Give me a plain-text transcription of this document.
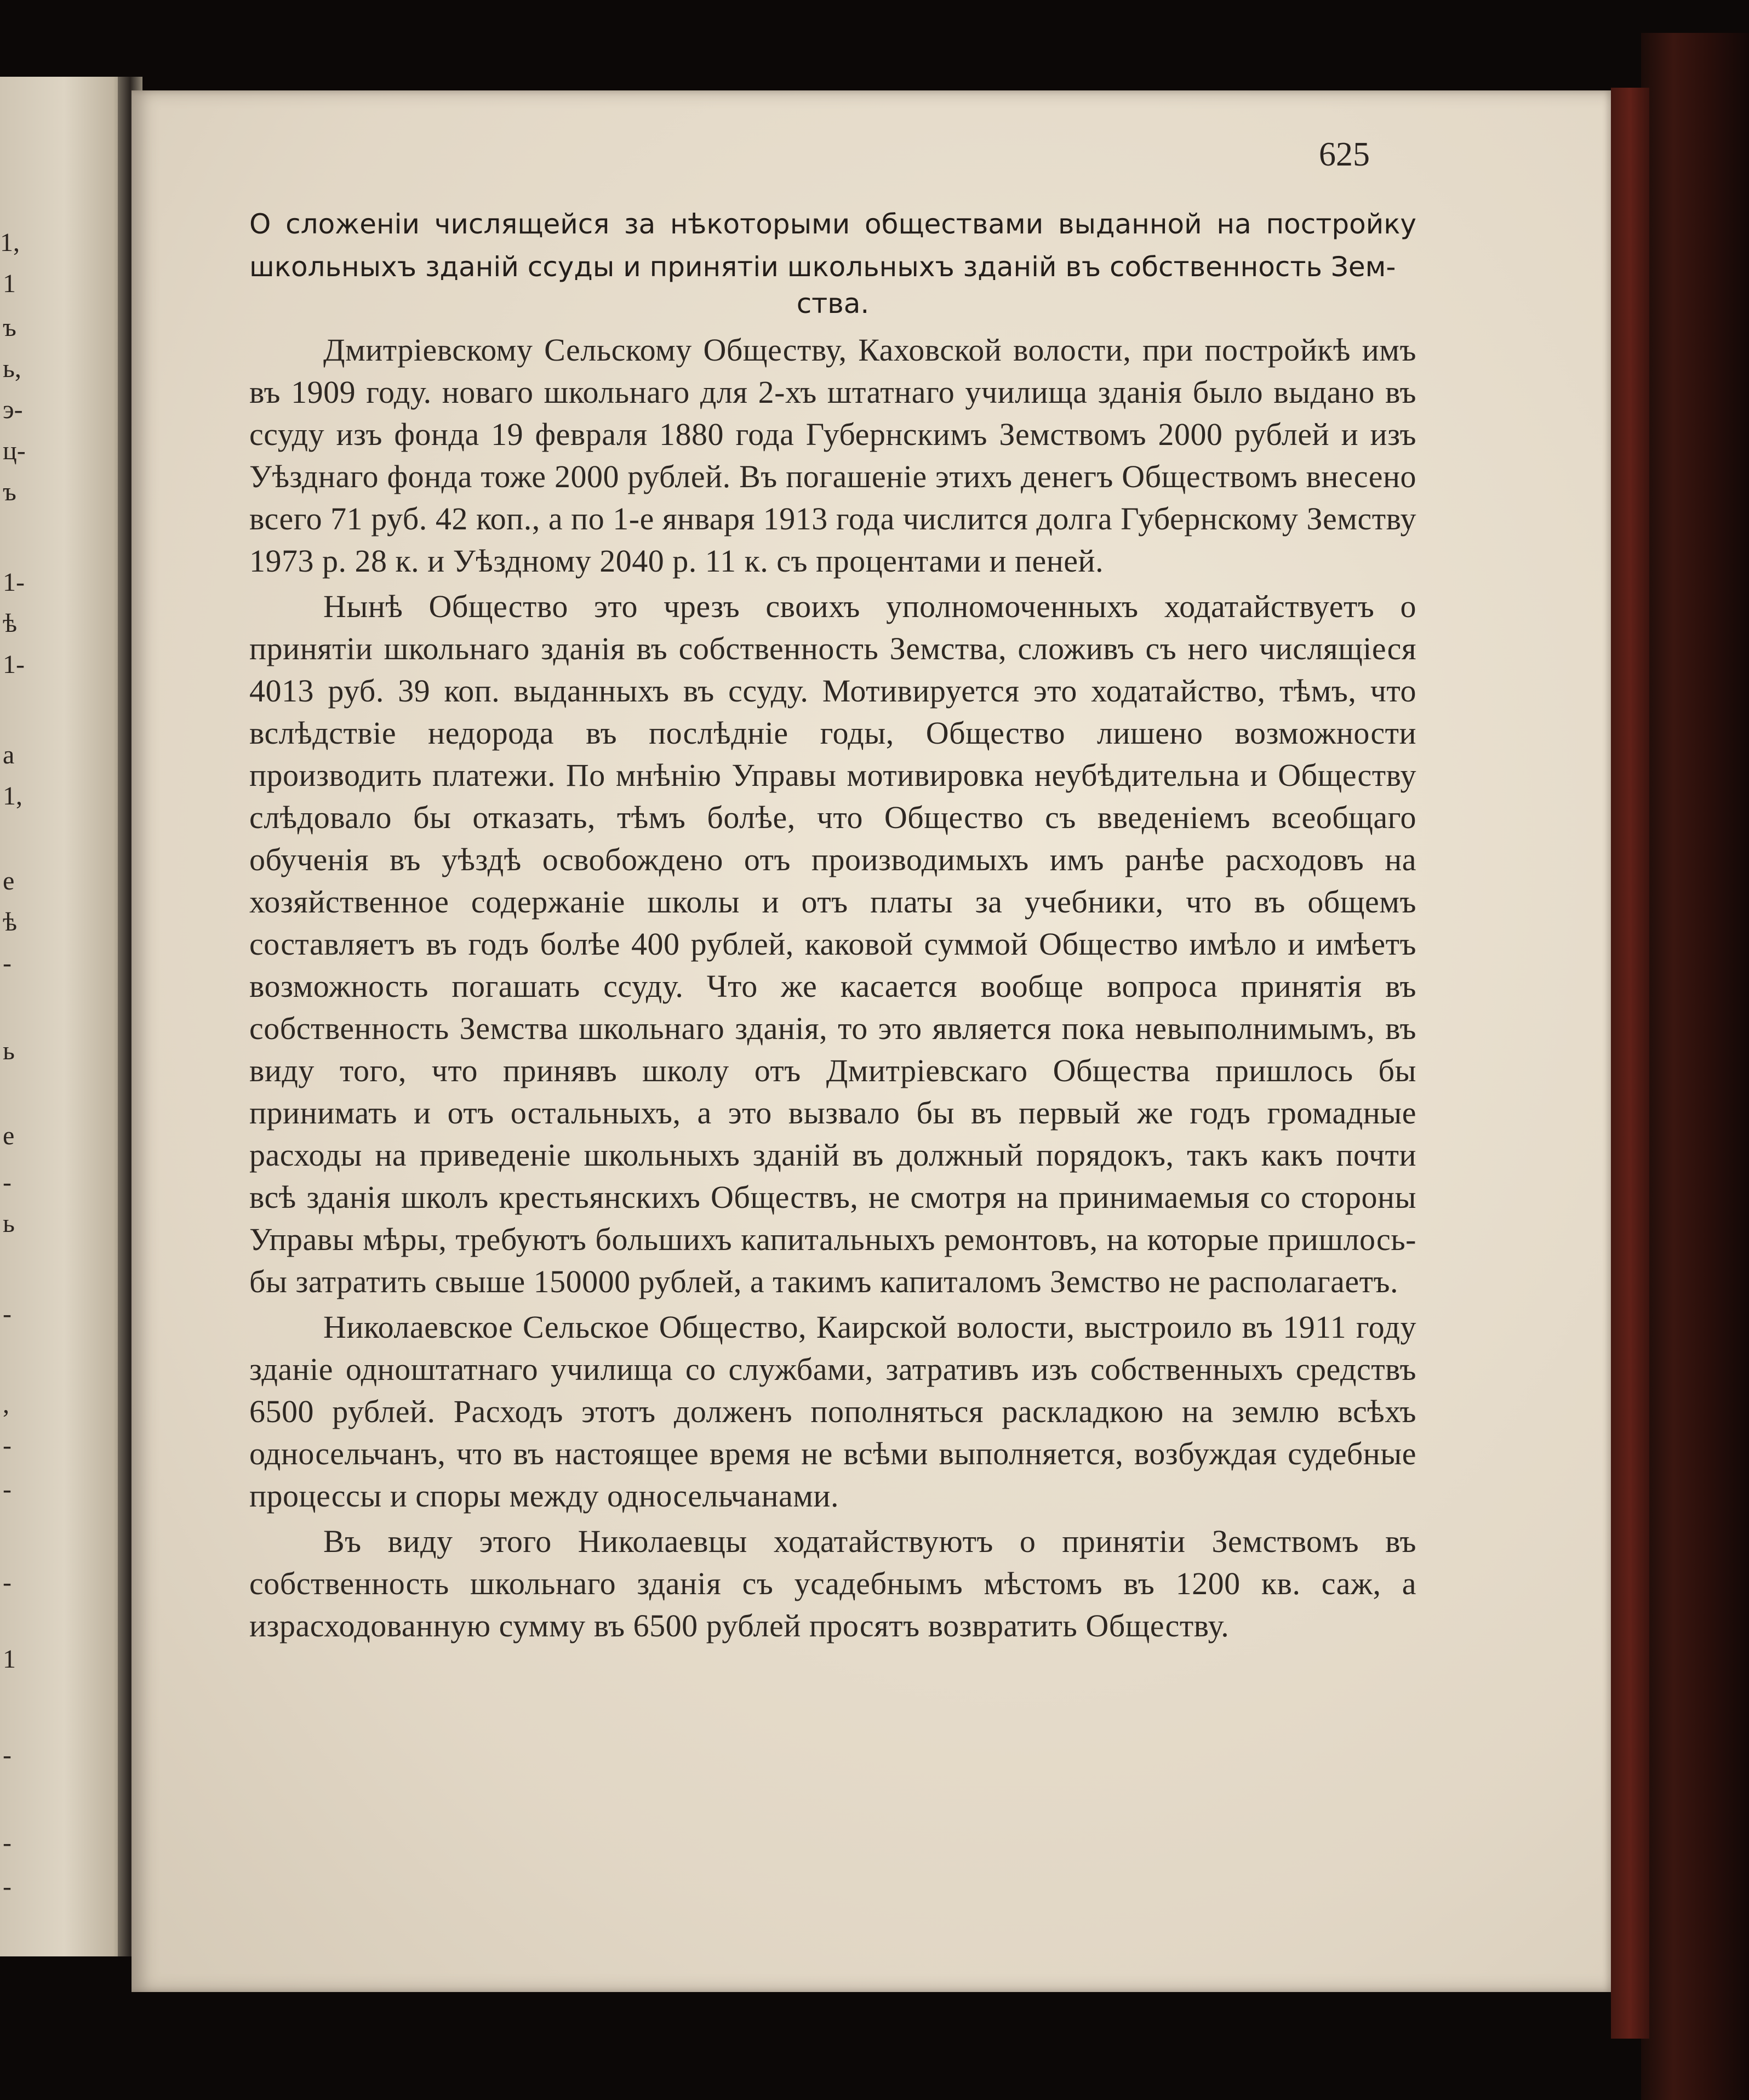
1,
1
ъ
ь,
э-
ц-
ъ
1-
ѣ
1-
а
1,
е
ѣ
-
ь
е
-
ь
-
,
-
-
-
1
-
-
-
625
О сложенiи числящейся за нѣкоторыми обществами выданной на постройку школьныхъ зданiй ссуды и принятiи школьныхъ зданiй въ собственность Зем-
ства.

Дмитрiевскому Сельскому Обществу, Каховской волости, при постройкѣ имъ въ 1909 году. новаго школьнаго для 2-хъ штатнаго училища зданiя было выдано въ ссуду изъ фонда 19 февраля 1880 года Губернскимъ Земствомъ 2000 рублей и изъ Уѣзднаго фонда тоже 2000 рублей. Въ погашенiе этихъ денегъ Обществомъ внесено всего 71 руб. 42 коп., а по 1-е января 1913 года числится долга Губернскому Земству 1973 р. 28 к. и Уѣздному 2040 р. 11 к. съ процентами и пеней.

Нынѣ Общество это чрезъ своихъ уполномоченныхъ ходатайствуетъ о принятiи школьнаго зданiя въ собственность Земства, сложивъ съ него числящiеся 4013 руб. 39 коп. выданныхъ въ ссуду. Мотивируется это ходатайство, тѣмъ, что вслѣдствiе недорода въ послѣднiе годы, Общество лишено возможности производить платежи. По мнѣнiю Управы мотивировка неубѣдительна и Обществу слѣдовало бы отказать, тѣмъ болѣе, что Общество съ введенiемъ всеобщаго обученiя въ уѣздѣ освобождено отъ производимыхъ имъ ранѣе расходовъ на хозяйственное содержанiе школы и отъ платы за учебники, что въ общемъ составляетъ въ годъ болѣе 400 рублей, каковой суммой Общество имѣло и имѣетъ возможность погашать ссуду. Что же касается вообще вопроса принятiя въ собственность Земства школьнаго зданiя, то это является пока невыполнимымъ, въ виду того, что принявъ школу отъ Дмитрiевскаго Общества пришлось бы принимать и отъ остальныхъ, а это вызвало бы въ первый же годъ громадные расходы на приведенiе школьныхъ зданiй въ должный порядокъ, такъ какъ почти всѣ зданiя школъ крестьянскихъ Обществъ, не смотря на принимаемыя со стороны Управы мѣры, требуютъ большихъ капитальныхъ ремонтовъ, на которые пришлось-бы затратить свыше 150000 рублей, а такимъ капиталомъ Земство не располагаетъ.

Николаевское Сельское Общество, Каирской волости, выстроило въ 1911 году зданiе одноштатнаго училища со службами, затративъ изъ собственныхъ средствъ 6500 рублей. Расходъ этотъ долженъ пополняться раскладкою на землю всѣхъ односельчанъ, что въ настоящее время не всѣми выполняется, возбуждая судебные процессы и споры между односельчанами.

Въ виду этого Николаевцы ходатайствуютъ о принятiи Земствомъ въ собственность школьнаго зданiя съ усадебнымъ мѣстомъ въ 1200 кв. саж, а израсходованную сумму въ 6500 рублей просятъ возвратить Обществу.
